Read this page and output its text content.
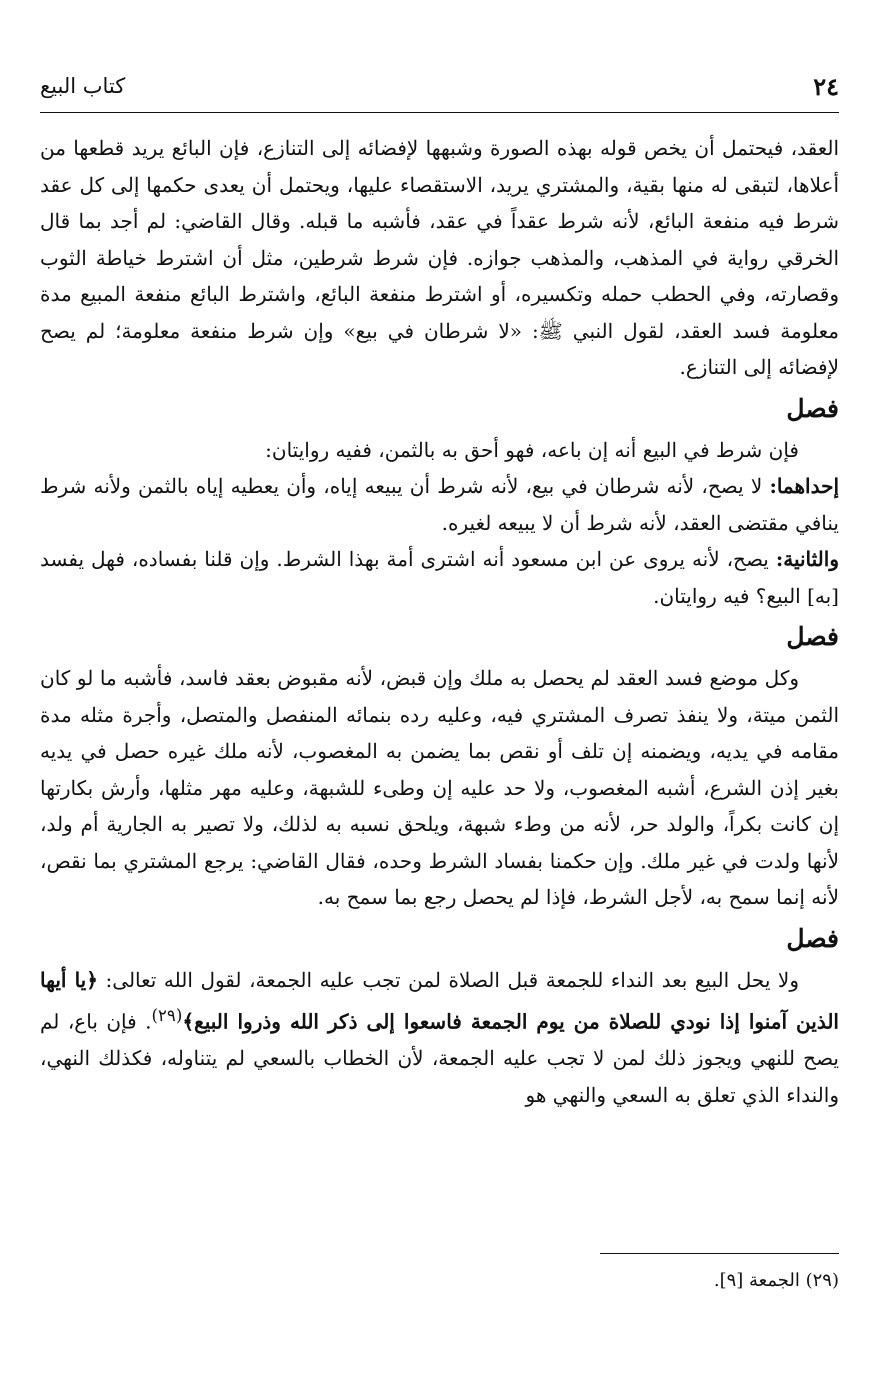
٢٤
كتاب البيع

العقد، فيحتمل أن يخص قوله بهذه الصورة وشبهها لإفضائه إلى التنازع، فإن البائع يريد قطعها من أعلاها، لتبقى له منها بقية، والمشتري يريد، الاستقصاء عليها، ويحتمل أن يعدى حكمها إلى كل عقد شرط فيه منفعة البائع، لأنه شرط عقداً في عقد، فأشبه ما قبله. وقال القاضي: لم أجد بما قال الخرقي رواية في المذهب، والمذهب جوازه. فإن شرط شرطين، مثل أن اشترط خياطة الثوب وقصارته، وفي الحطب حمله وتكسيره، أو اشترط منفعة البائع، واشترط البائع منفعة المبيع مدة معلومة فسد العقد، لقول النبي ﷺ: «لا شرطان في بيع» وإن شرط منفعة معلومة؛ لم يصح لإفضائه إلى التنازع.

فصل

فإن شرط في البيع أنه إن باعه، فهو أحق به بالثمن، ففيه روايتان:

إحداهما: لا يصح، لأنه شرطان في بيع، لأنه شرط أن يبيعه إياه، وأن يعطيه إياه بالثمن ولأنه شرط ينافي مقتضى العقد، لأنه شرط أن لا يبيعه لغيره.

والثانية: يصح، لأنه يروى عن ابن مسعود أنه اشترى أمة بهذا الشرط. وإن قلنا بفساده، فهل يفسد [به] البيع؟ فيه روايتان.

فصل

وكل موضع فسد العقد لم يحصل به ملك وإن قبض، لأنه مقبوض بعقد فاسد، فأشبه ما لو كان الثمن ميتة، ولا ينفذ تصرف المشتري فيه، وعليه رده بنمائه المنفصل والمتصل، وأجرة مثله مدة مقامه في يديه، ويضمنه إن تلف أو نقص بما يضمن به المغصوب، لأنه ملك غيره حصل في يديه بغير إذن الشرع، أشبه المغصوب، ولا حد عليه إن وطىء للشبهة، وعليه مهر مثلها، وأرش بكارتها إن كانت بكراً، والولد حر، لأنه من وطء شبهة، ويلحق نسبه به لذلك، ولا تصير به الجارية أم ولد، لأنها ولدت في غير ملك. وإن حكمنا بفساد الشرط وحده، فقال القاضي: يرجع المشتري بما نقص، لأنه إنما سمح به، لأجل الشرط، فإذا لم يحصل رجع بما سمح به.

فصل

ولا يحل البيع بعد النداء للجمعة قبل الصلاة لمن تجب عليه الجمعة، لقول الله تعالى: ﴿يا أيها الذين آمنوا إذا نودي للصلاة من يوم الجمعة فاسعوا إلى ذكر الله وذروا البيع﴾$^{(٢٩)}$. فإن باع، لم يصح للنهي ويجوز ذلك لمن لا تجب عليه الجمعة، لأن الخطاب بالسعي لم يتناوله، فكذلك النهي، والنداء الذي تعلق به السعي والنهي هو

(٢٩) الجمعة [٩].
